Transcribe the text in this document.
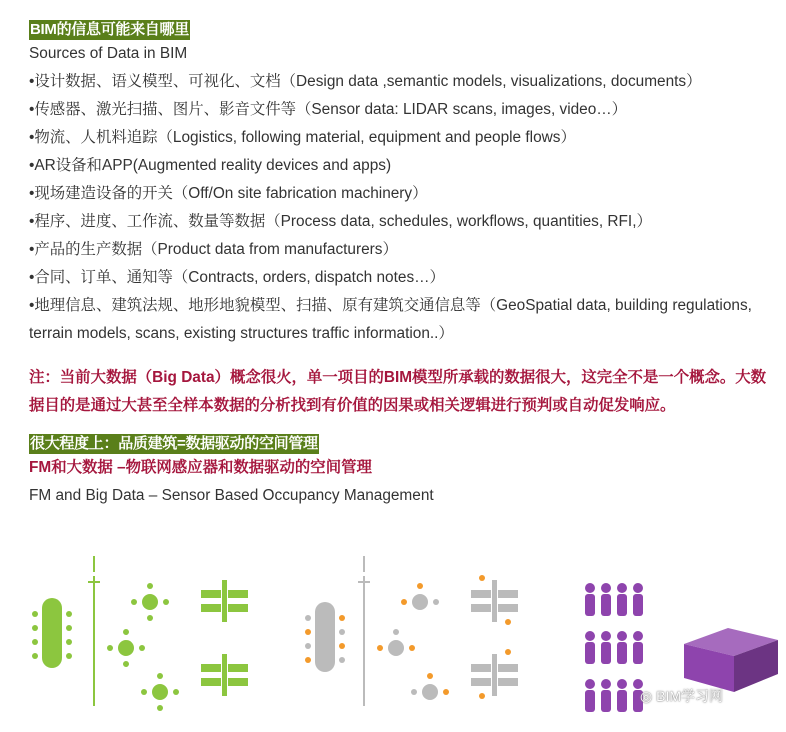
BIM的信息可能来自哪里
Sources of Data in BIM
•设计数据、语义模型、可视化、文档（Design data ,semantic models, visualizations, documents）
•传感器、激光扫描、图片、影音文件等（Sensor data: LIDAR scans, images, video…）
•物流、人机料追踪（Logistics, following material, equipment and people flows）
•AR设备和APP(Augmented reality devices and apps)
•现场建造设备的开关（Off/On site fabrication machinery）
•程序、进度、工作流、数量等数据（Process data, schedules, workflows, quantities, RFI,）
•产品的生产数据（Product data from manufacturers）
•合同、订单、通知等（Contracts, orders, dispatch notes…）
•地理信息、建筑法规、地形地貌模型、扫描、原有建筑交通信息等（GeoSpatial data, building regulations, terrain models, scans, existing structures traffic information..）
注：当前大数据（Big Data）概念很火，单一项目的BIM模型所承载的数据很大，这完全不是一个概念。大数据目的是通过大甚至全样本数据的分析找到有价值的因果或相关逻辑进行预判或自动促发响应。
很大程度上：品质建筑=数据驱动的空间管理
FM和大数据 –物联网感应器和数据驱动的空间管理
FM and Big Data – Sensor Based Occupancy Management
◎ BIM学习网
